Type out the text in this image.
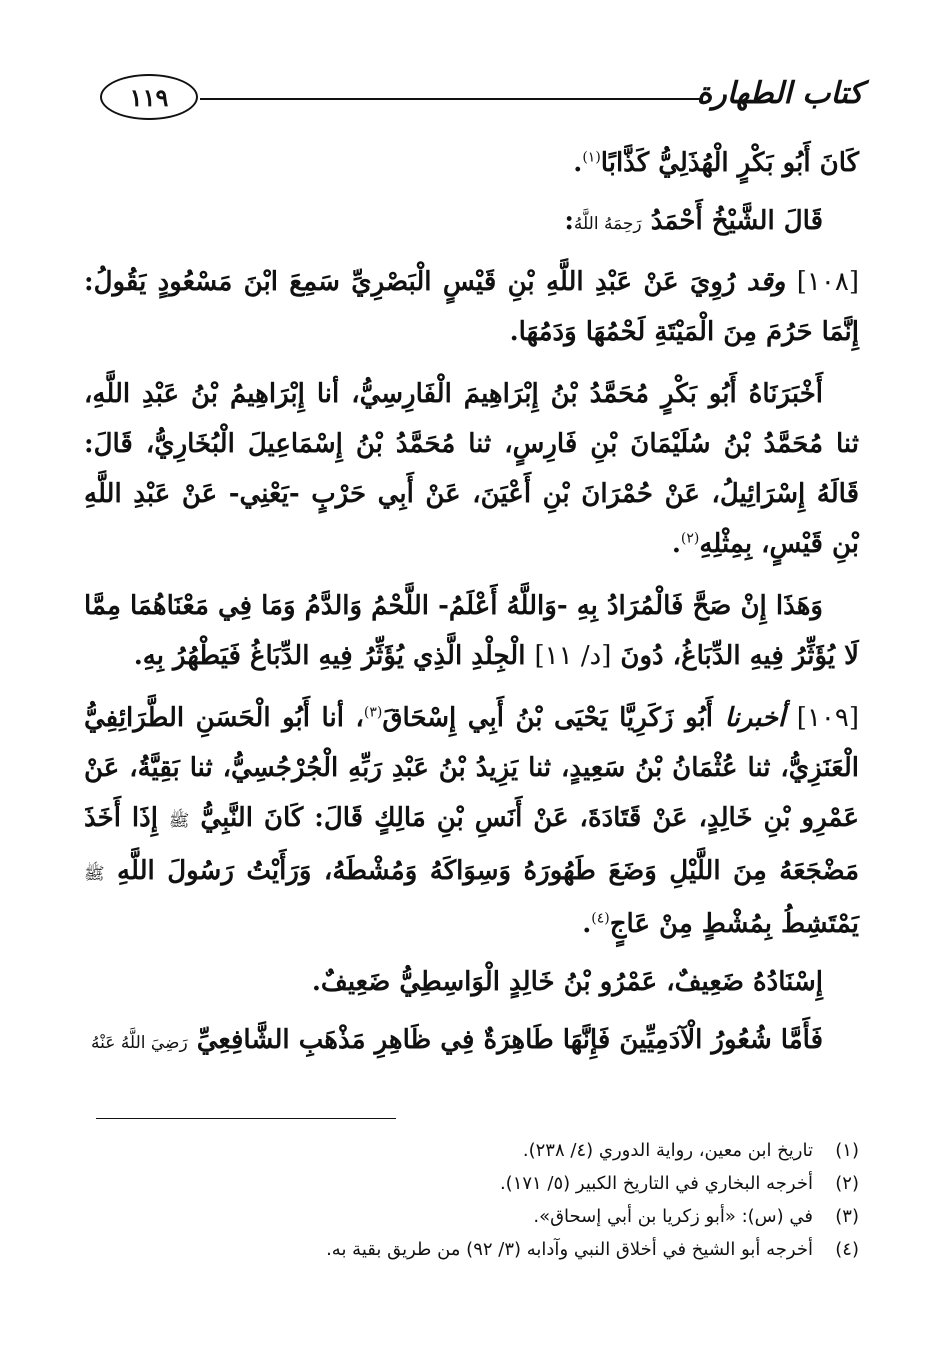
كتاب الطهارة
١١٩

كَانَ أَبُو بَكْرٍ الْهُذَلِيُّ كَذَّابًا$^{(١)}$.

قَالَ الشَّيْخُ أَحْمَدُ رَحِمَهُ اللَّهُ:

[١٠٨] وقد رُوِيَ عَنْ عَبْدِ اللَّهِ بْنِ قَيْسٍ الْبَصْرِيِّ سَمِعَ ابْنَ مَسْعُودٍ يَقُولُ: إِنَّمَا حَرُمَ مِنَ الْمَيْتَةِ لَحْمُهَا وَدَمُهَا.

أَخْبَرَنَاهُ أَبُو بَكْرٍ مُحَمَّدُ بْنُ إِبْرَاهِيمَ الْفَارِسِيُّ، أنا إِبْرَاهِيمُ بْنُ عَبْدِ اللَّهِ، ثنا مُحَمَّدُ بْنُ سُلَيْمَانَ بْنِ فَارِسٍ، ثنا مُحَمَّدُ بْنُ إِسْمَاعِيلَ الْبُخَارِيُّ، قَالَ: قَالَهُ إِسْرَائِيلُ، عَنْ حُمْرَانَ بْنِ أَعْيَنَ، عَنْ أَبِي حَرْبٍ -يَعْنِي- عَنْ عَبْدِ اللَّهِ بْنِ قَيْسٍ، بِمِثْلِهِ$^{(٢)}$.

وَهَذَا إِنْ صَحَّ فَالْمُرَادُ بِهِ -وَاللَّهُ أَعْلَمُ- اللَّحْمُ وَالدَّمُ وَمَا فِي مَعْنَاهُمَا مِمَّا لَا يُؤَثِّرُ فِيهِ الدِّبَاغُ، دُونَ [د/ ١١] الْجِلْدِ الَّذِي يُؤَثِّرُ فِيهِ الدِّبَاغُ فَيَطْهُرُ بِهِ.

[١٠٩] أخبرنا أَبُو زَكَرِيَّا يَحْيَى بْنُ أَبِي إِسْحَاقَ$^{(٣)}$، أنا أَبُو الْحَسَنِ الطَّرَائِفِيُّ الْعَنَزِيُّ، ثنا عُثْمَانُ بْنُ سَعِيدٍ، ثنا يَزِيدُ بْنُ عَبْدِ رَبِّهِ الْجُرْجُسِيُّ، ثنا بَقِيَّةُ، عَنْ عَمْرِو بْنِ خَالِدٍ، عَنْ قَتَادَةَ، عَنْ أَنَسِ بْنِ مَالِكٍ قَالَ: كَانَ النَّبِيُّ ﷺ إِذَا أَخَذَ مَضْجَعَهُ مِنَ اللَّيْلِ وَضَعَ طَهُورَهُ وَسِوَاكَهُ وَمُشْطَهُ، وَرَأَيْتُ رَسُولَ اللَّهِ ﷺ يَمْتَشِطُ بِمُشْطٍ مِنْ عَاجٍ$^{(٤)}$.

إِسْنَادُهُ ضَعِيفٌ، عَمْرُو بْنُ خَالِدٍ الْوَاسِطِيُّ ضَعِيفٌ.

فَأَمَّا شُعُورُ الْآدَمِيِّينَ فَإِنَّهَا طَاهِرَةٌ فِي ظَاهِرِ مَذْهَبِ الشَّافِعِيِّ رَضِيَ اللَّهُ عَنْهُ

(١)
تاريخ ابن معين، رواية الدوري (٤/ ٢٣٨).
(٢)
أخرجه البخاري في التاريخ الكبير (٥/ ١٧١).
(٣)
في (س): «أبو زكريا بن أبي إسحاق».
(٤)
أخرجه أبو الشيخ في أخلاق النبي وآدابه (٣/ ٩٢) من طريق بقية به.
